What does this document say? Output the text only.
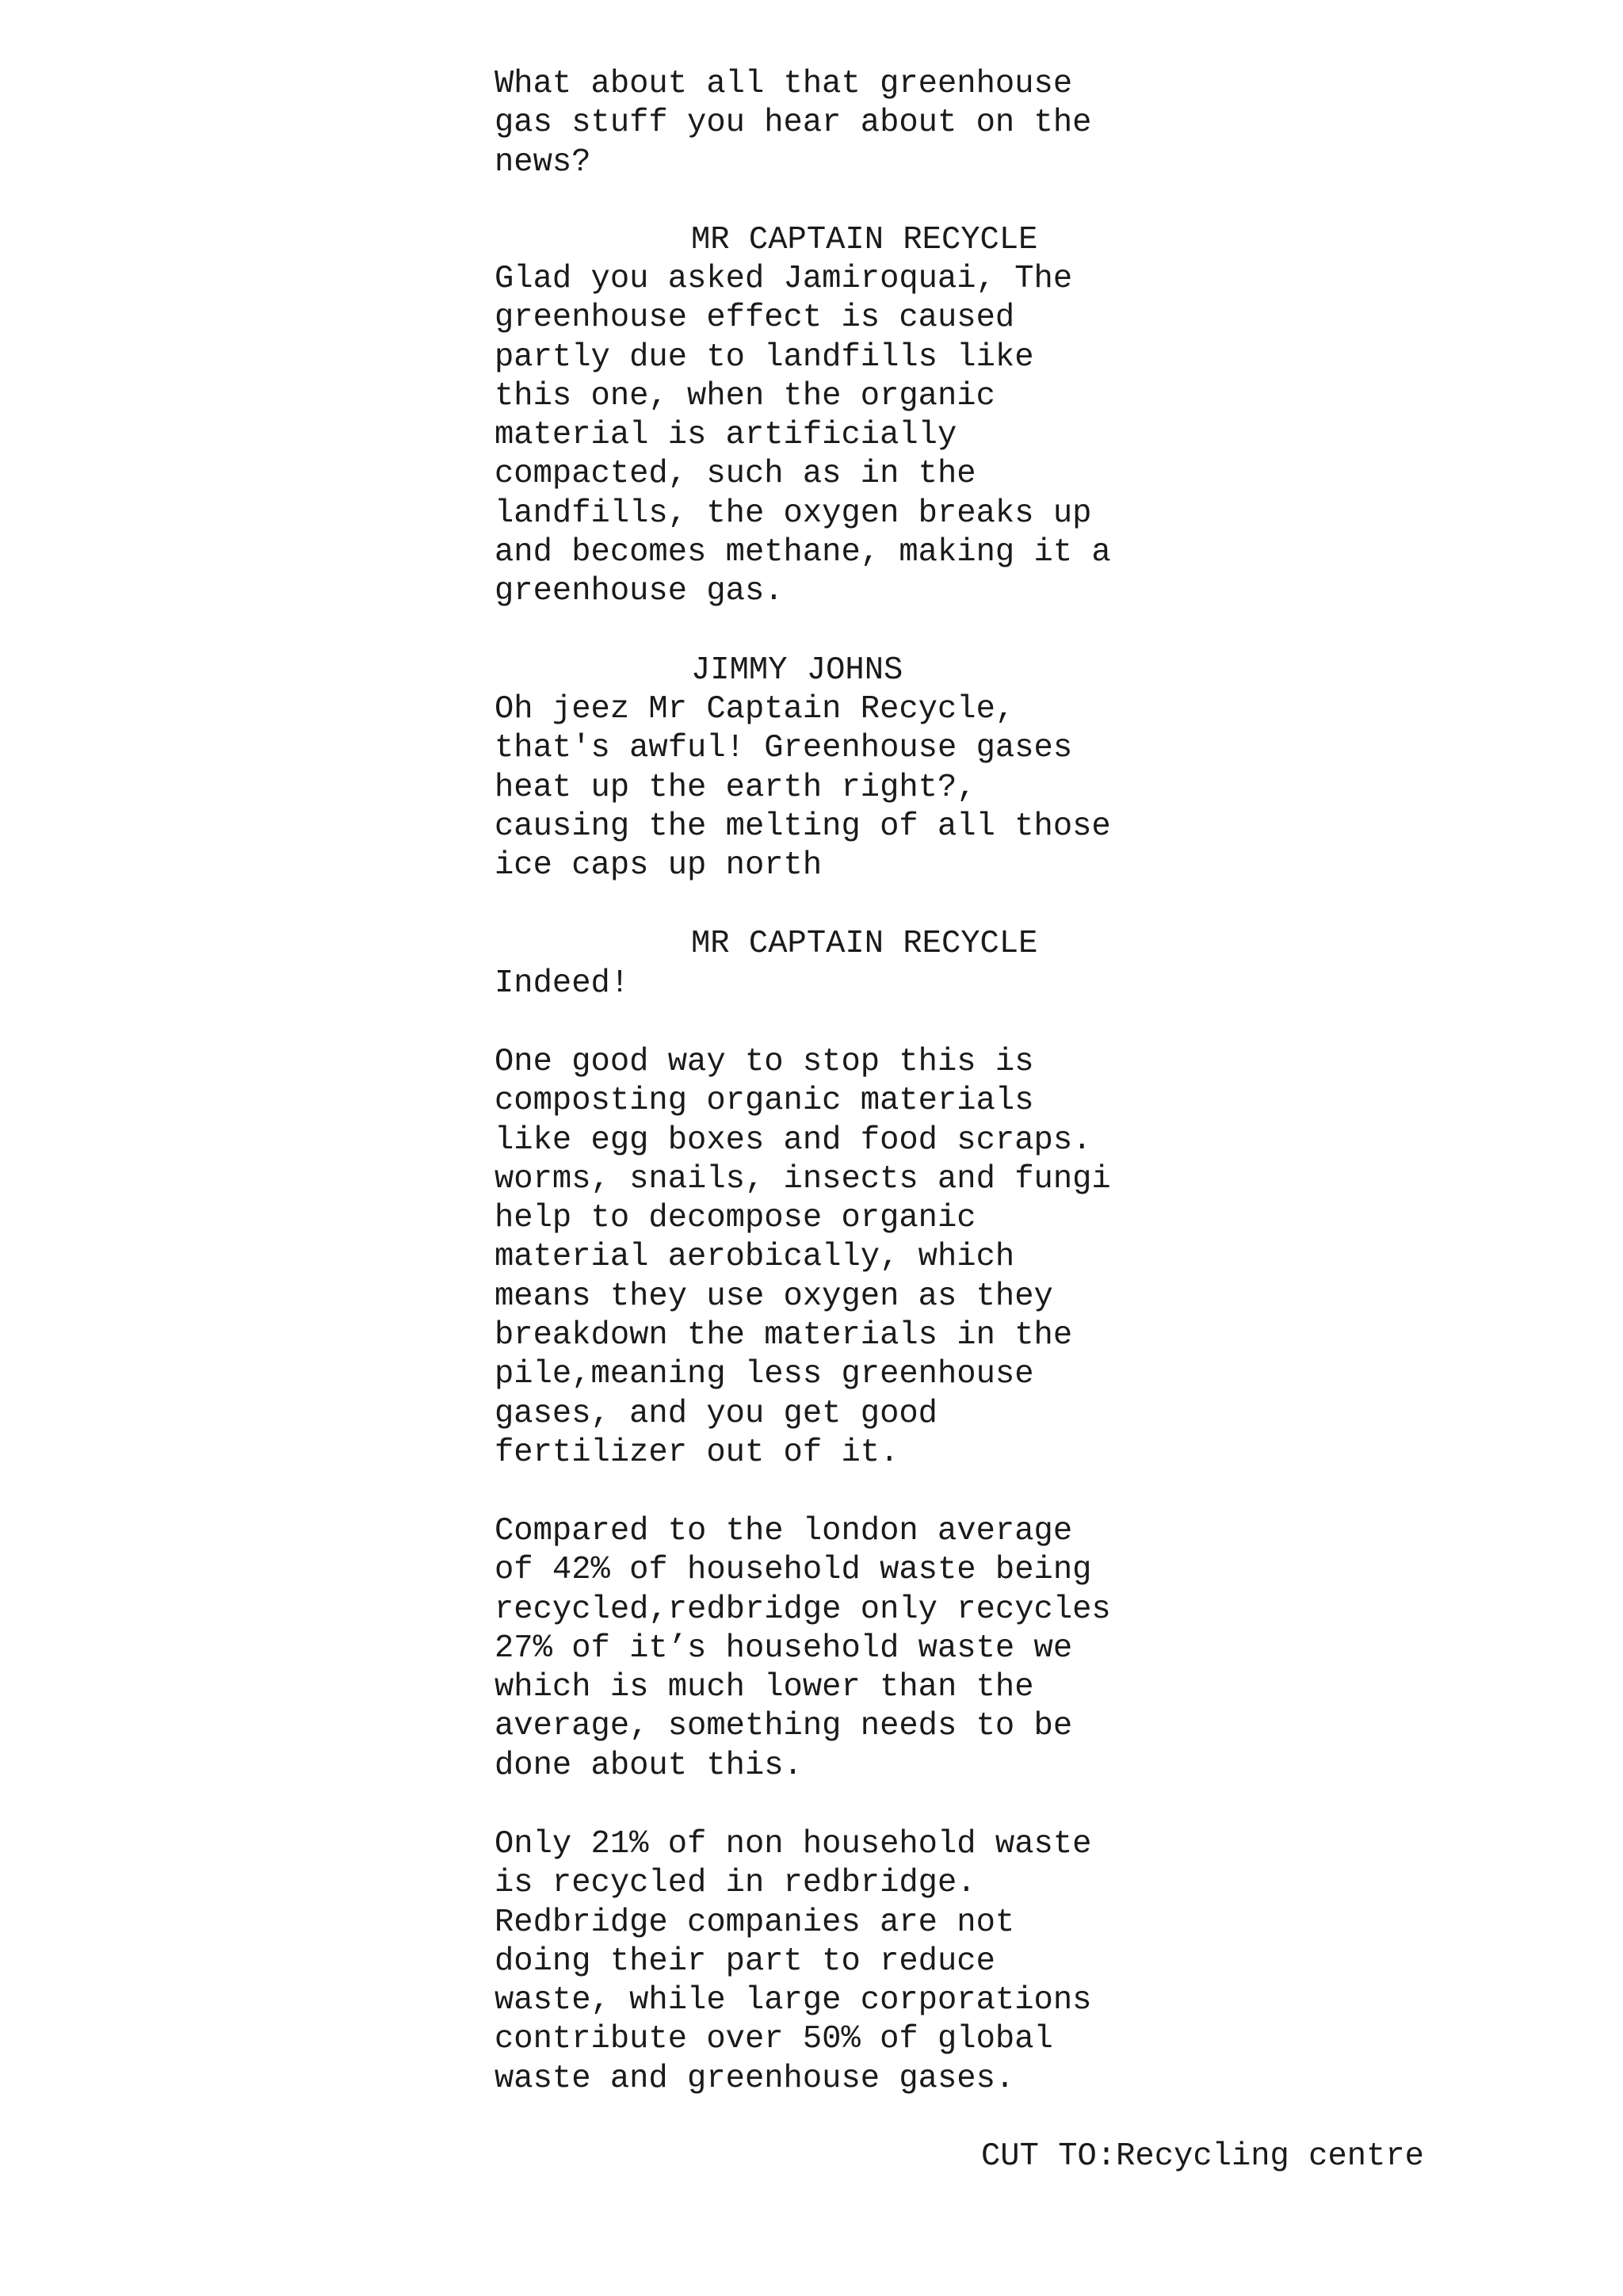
What about all that greenhouse
gas stuff you hear about on the
news?

MR CAPTAIN RECYCLE

Glad you asked Jamiroquai, The
greenhouse effect is caused
partly due to landfills like
this one, when the organic
material is artificially
compacted, such as in the
landfills, the oxygen breaks up
and becomes methane, making it a
greenhouse gas.

JIMMY JOHNS

Oh jeez Mr Captain Recycle,
that's awful! Greenhouse gases
heat up the earth right?,
causing the melting of all those
ice caps up north

MR CAPTAIN RECYCLE

Indeed!

One good way to stop this is
composting organic materials
like egg boxes and food scraps.
worms, snails, insects and fungi
help to decompose organic
material aerobically, which
means they use oxygen as they
breakdown the materials in the
pile,meaning less greenhouse
gases, and you get good
fertilizer out of it.

Compared to the london average
of 42% of household waste being
recycled,redbridge only recycles
27% of it’s household waste we
which is much lower than the
average, something needs to be
done about this.

Only 21% of non household waste
is recycled in redbridge.
Redbridge companies are not
doing their part to reduce
waste, while large corporations
contribute over 50% of global
waste and greenhouse gases.

CUT TO:Recycling centre
